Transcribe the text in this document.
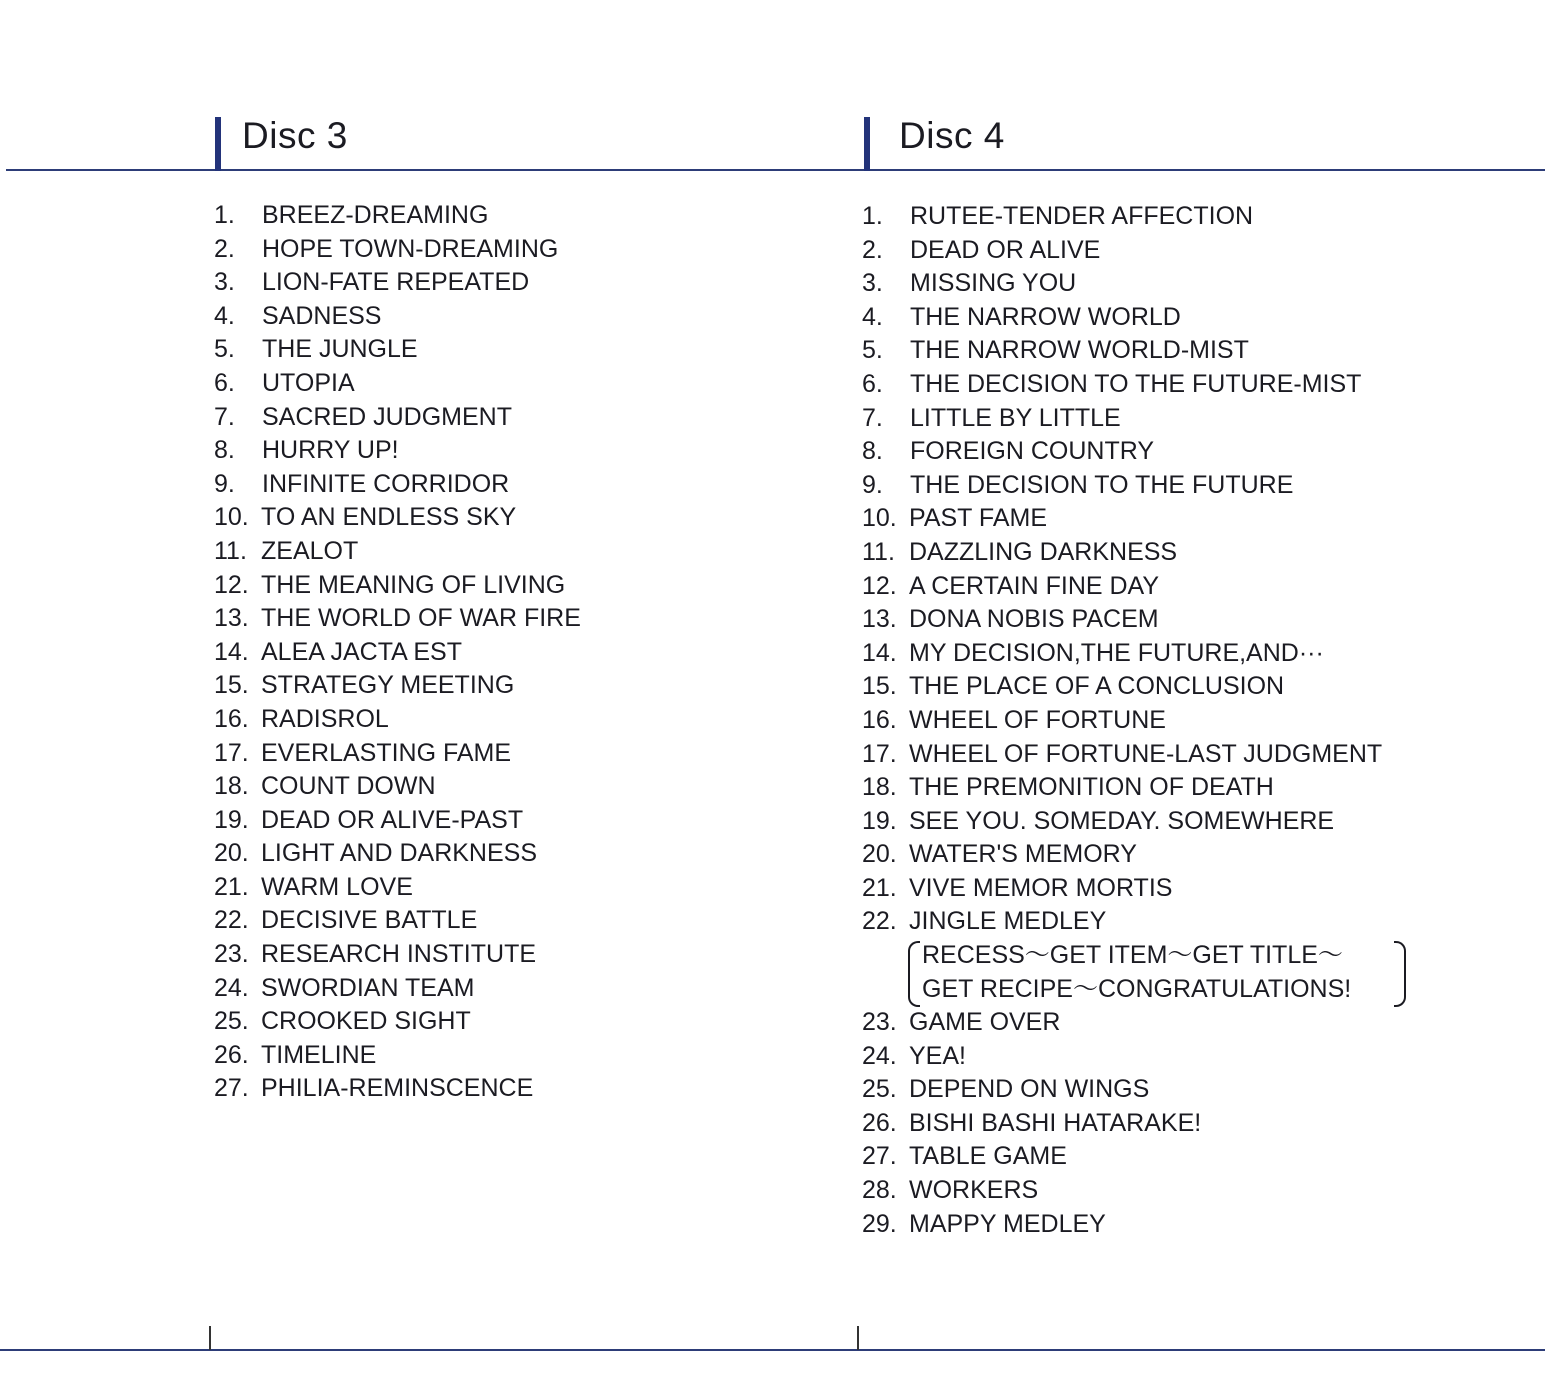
Disc 3
1. BREEZ-DREAMING
2. HOPE TOWN-DREAMING
3. LION-FATE REPEATED
4. SADNESS
5. THE JUNGLE
6. UTOPIA
7. SACRED JUDGMENT
8. HURRY UP!
9. INFINITE CORRIDOR
10. TO AN ENDLESS SKY
11. ZEALOT
12. THE MEANING OF LIVING
13. THE WORLD OF WAR FIRE
14. ALEA JACTA EST
15. STRATEGY MEETING
16. RADISROL
17. EVERLASTING FAME
18. COUNT DOWN
19. DEAD OR ALIVE-PAST
20. LIGHT AND DARKNESS
21. WARM LOVE
22. DECISIVE BATTLE
23. RESEARCH INSTITUTE
24. SWORDIAN TEAM
25. CROOKED SIGHT
26. TIMELINE
27. PHILIA-REMINSCENCE
Disc 4
1. RUTEE-TENDER AFFECTION
2. DEAD OR ALIVE
3. MISSING YOU
4. THE NARROW WORLD
5. THE NARROW WORLD-MIST
6. THE DECISION TO THE FUTURE-MIST
7. LITTLE BY LITTLE
8. FOREIGN COUNTRY
9. THE DECISION TO THE FUTURE
10. PAST FAME
11. DAZZLING DARKNESS
12. A CERTAIN FINE DAY
13. DONA NOBIS PACEM
14. MY DECISION,THE FUTURE,AND···
15. THE PLACE OF A CONCLUSION
16. WHEEL OF FORTUNE
17. WHEEL OF FORTUNE-LAST JUDGMENT
18. THE PREMONITION OF DEATH
19. SEE YOU. SOMEDAY. SOMEWHERE
20. WATER'S MEMORY
21. VIVE MEMOR MORTIS
22. JINGLE MEDLEY
RECESS〜GET ITEM〜GET TITLE〜
GET RECIPE〜CONGRATULATIONS!
23. GAME OVER
24. YEA!
25. DEPEND ON WINGS
26. BISHI BASHI HATARAKE!
27. TABLE GAME
28. WORKERS
29. MAPPY MEDLEY
